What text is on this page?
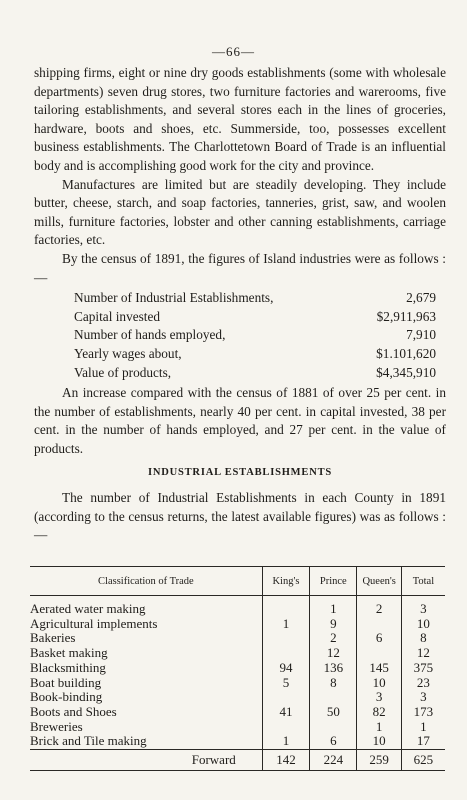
—66—

shipping firms, eight or nine dry goods establishments (some with wholesale departments) seven drug stores, two furniture factories and warerooms, five tailoring establishments, and several stores each in the lines of groceries, hardware, boots and shoes, etc. Summerside, too, possesses excellent business establishments. The Charlottetown Board of Trade is an influential body and is accomplishing good work for the city and province.

Manufactures are limited but are steadily developing. They include butter, cheese, starch, and soap factories, tanneries, grist, saw, and woolen mills, furniture factories, lobster and other canning establishments, carriage factories, etc.

By the census of 1891, the figures of Island industries were as follows :—

Number of Industrial Establishments,	2,679
Capital invested	$2,911,963
Number of hands employed,	7,910
Yearly wages about,	$1.101,620
Value of products,	$4,345,910

An increase compared with the census of 1881 of over 25 per cent. in the number of establishments, nearly 40 per cent. in capital invested, 38 per cent. in the number of hands employed, and 27 per cent. in the value of products.

INDUSTRIAL ESTABLISHMENTS

The number of Industrial Establishments in each County in 1891 (according to the census returns, the latest available figures) was as follows :—

Classification of Trade	King's	Prince	Queen's	Total

Aerated water making		1	2	3
Agricultural implements	1	9		10
Bakeries		2	6	8
Basket making		12		12
Blacksmithing	94	136	145	375
Boat building	5	8	10	23
Book-binding			3	3
Boots and Shoes	41	50	82	173
Breweries			1	1
Brick and Tile making	1	6	10	17
Forward	142	224	259	625
